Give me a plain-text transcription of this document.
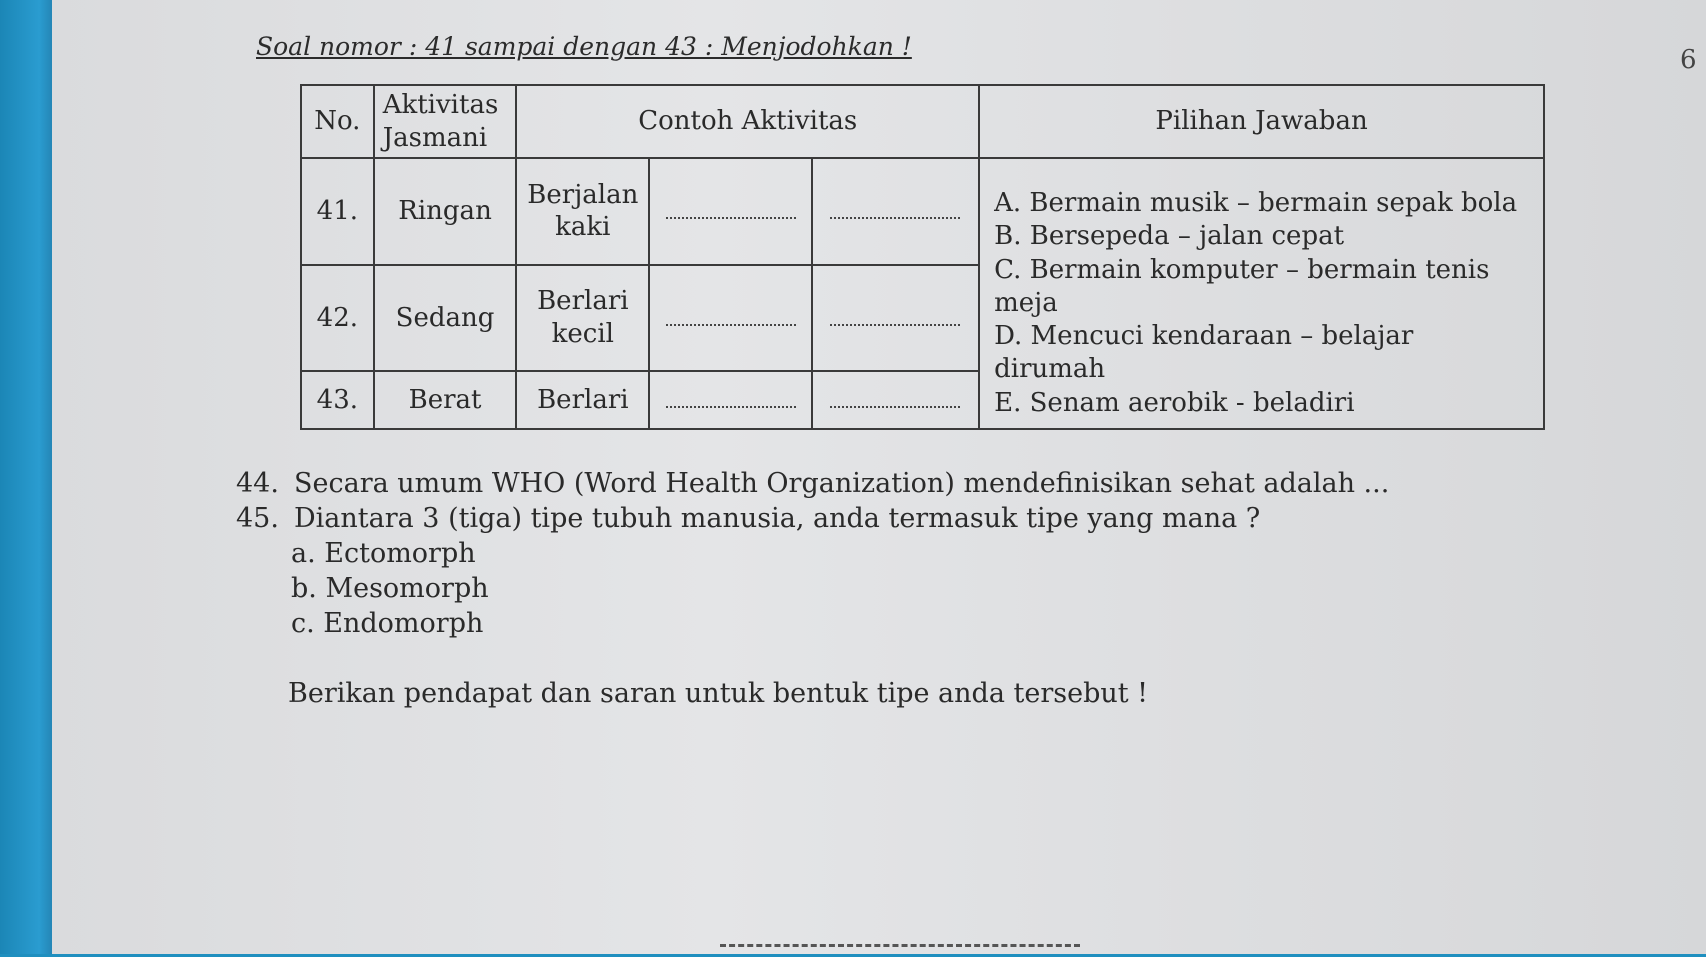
Soal nomor : 41 sampai dengan 43 : Menjodohkan !	6
No.	Aktivitas Jasmani	Contoh Aktivitas			Pilihan Jawaban
41.	Ringan	Berjalan kaki			A. Bermain musik – bermain sepak bola
B. Bersepeda – jalan cepat
C. Bermain komputer – bermain tenis meja
D. Mencuci kendaraan – belajar dirumah
E. Senam aerobik - beladiri

42.	Sedang	Berlari kecil			
43.	Berat	Berlari			
44. Secara umum WHO (Word Health Organization) mendefinisikan sehat adalah ...
45. Diantara 3 (tiga) tipe tubuh manusia, anda termasuk tipe yang mana ?
a. Ectomorph
b. Mesomorph
c. Endomorph
Berikan pendapat dan saran untuk bentuk tipe anda tersebut !
